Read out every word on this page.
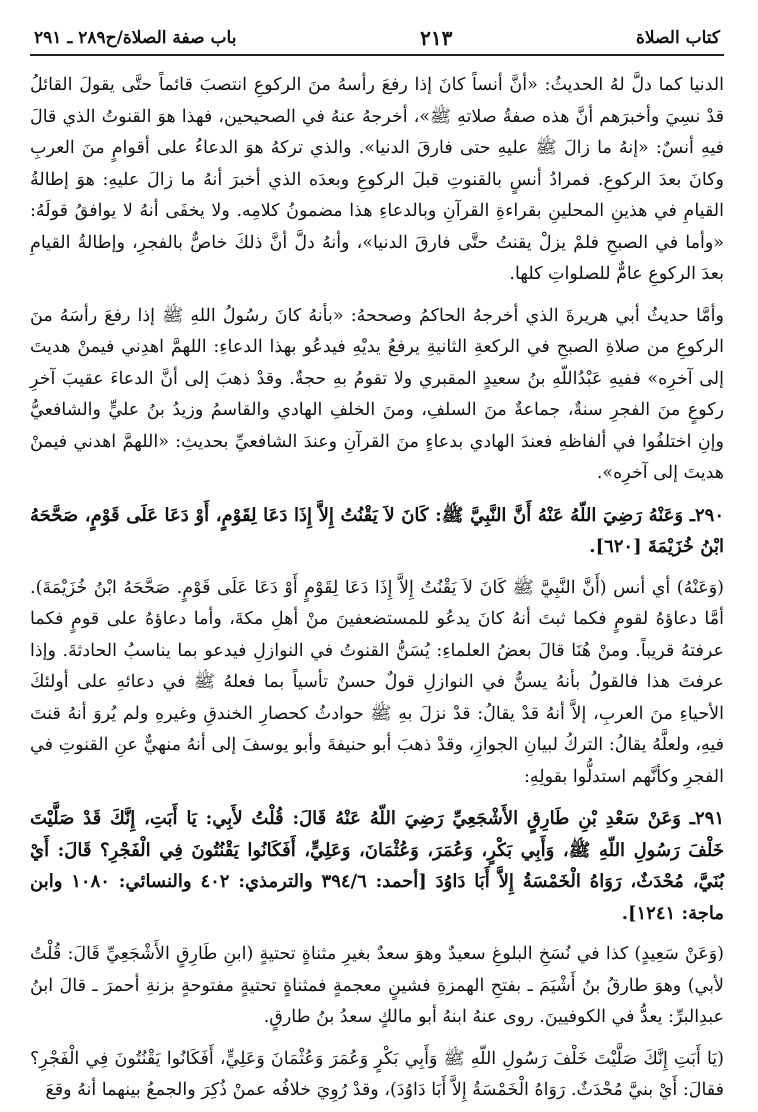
كتاب الصلاة
٢١٣
باب صفة الصلاة/ح٢٨٩ ـ ٢٩١

الدنيا كما دلَّ لهُ الحديثُ: «أنَّ أنساً كانَ إذا رفعَ رأسهُ منَ الركوعِ انتصبَ قائماً حتَّى يقولَ القائلُ قدْ نسِيَ وأخبرَهم أنَّ هذه صفةُ صلاتهِ ﷺ»، أخرجهُ عنهُ في الصحيحين، فهذا هوَ القنوتُ الذي قالَ فيهِ أنسٌ: «إنهُ ما زالَ ﷺ عليهِ حتى فارقَ الدنيا». والذي تركهُ هوَ الدعاءُ على أقوامٍ منَ العربِ وكانَ بعدَ الركوعِ. فمرادُ أنسٍ بالقنوتِ قبلَ الركوعِ وبعدَه الذي أخبرَ أنهُ ما زالَ عليهِ: هوَ إطالةُ القيامِ في هذينِ المحلينِ بقراءةِ القرآنِ وبالدعاءِ هذا مضمونُ كلامِه. ولا يخفَى أنهُ لا يوافقُ قولَهُ: «وأما في الصبحِ فلمْ يزلْ يقنتُ حتَّى فارقَ الدنيا»، وأنهُ دلَّ أنَّ ذلكَ خاصٌّ بالفجرِ، وإطالةُ القيامِ بعدَ الركوعِ عامٌّ للصلواتِ كلها.

وأمَّا حديثُ أبي هريرةَ الذي أخرجهُ الحاكمُ وصححهُ: «بأنهُ كانَ رسُولُ اللهِ ﷺ إذا رفعَ رأسَهُ منَ الركوعِ من صلاةِ الصبحِ في الركعةِ الثانيةِ يرفعُ يديْهِ فيدعُو بهذا الدعاءِ: اللهمَّ اهدِني فيمنْ هديتَ إلى آخرِه» ففيهِ عَبْدُاللّهِ بنُ سعيدٍ المقبري ولا تقومُ بهِ حجةٌ. وقدْ ذهبَ إلى أنَّ الدعاءَ عقيبَ آخرِ ركوعٍ منَ الفجرِ سنةٌ، جماعةٌ منَ السلفِ، ومنَ الخلفِ الهادي والقاسمُ وزيدُ بنُ عليٍّ والشافعيُّ وإنِ اختلفُوا في ألفاظهِ فعندَ الهادي بدعاءٍ منَ القرآنِ وعندَ الشافعيِّ بحديثِ: «اللهمَّ اهدني فيمنْ هديتَ إلى آخرِه».

٢٩٠ـ وَعَنْهُ رَضِيَ اللّهُ عَنْهُ أَنَّ النَّبِيَّ ﷺ: كَانَ لاَ يَقْنُتُ إِلاَّ إِذَا دَعَا لِقَوْمٍ، أَوْ دَعَا عَلَى قَوْمٍ، صَحَّحَهُ ابْنُ خُزَيْمَةَ [٦٢٠].

(وَعَنْهُ) أي أنس (أَنَّ النَّبِيَّ ﷺ كَانَ لاَ يَقْنُتُ إِلاَّ إِذَا دَعَا لِقَوْمٍ أَوْ دَعَا عَلَى قَوْمٍ. صَحَّحَهُ ابْنُ خُزَيْمَةَ). أمَّا دعاؤهُ لقومٍ فكما ثبتَ أنهُ كانَ يدعُو للمستضعفينَ منْ أهلِ مكةَ، وأما دعاؤهُ على قومٍ فكما عرفتهُ قريباً. ومنْ هُنَا قالَ بعضُ العلماءِ: يُسَنُّ القنوتُ في النوازلِ فيدعو بما يناسبُ الحادثةَ. وإذا عرفتَ هذا فالقولُ بأنهُ يسنُّ في النوازلِ قولٌ حسنٌ تأسياً بما فعلهُ ﷺ في دعائهِ على أولئكَ الأحياءِ منَ العربِ، إلاَّ أنهُ قدْ يقالُ: قدْ نزلَ بهِ ﷺ حوادثُ كحصارِ الخندقِ وغيرهِ ولم يُروَ أنهُ قنتَ فيهِ، ولعلَّهُ يقالُ: التركُ لبيانِ الجوازِ، وقدْ ذهبَ أبو حنيفةَ وأبو يوسفَ إلى أنهُ منهيٌّ عنِ القنوتِ في الفجرِ وكأنَّهم استدلُّوا بقولِهِ:

٢٩١ـ وَعَنْ سَعْدِ بْنِ طَارِقٍ الأَشْجَعِيِّ رَضِيَ اللّهُ عَنْهُ قَالَ: قُلْتُ لأَبِي: يَا أَبَتِ، إِنَّكَ قَدْ صَلَّيْتَ خَلْفَ رَسُولِ اللّهِ ﷺ، وَأَبِي بَكْرٍ، وَعُمَرَ، وَعُثْمَانَ، وَعَلِيٍّ، أَفَكَانُوا يَقْنُتُونَ فِي الْفَجْرِ؟ قَالَ: أَيْ بُنَيَّ، مُحْدَثٌ، رَوَاهُ الْخَمْسَةُ إِلاَّ أَبَا دَاوُدَ [أحمد: ٣٩٤/٦ والترمذي: ٤٠٢ والنسائي: ١٠٨٠ وابن ماجة: ١٢٤١].

(وَعَنْ سَعِيدٍ) كذا في نُسَخِ البلوغِ سعيدٌ وهوَ سعدٌ بغيرِ مثناةٍ تحتيةٍ (ابنِ طَارِقٍ الأَشْجَعِيِّ قَالَ: قُلْتُ لأبي) وهوَ طارقُ بنُ أَشْيَمَ ـ بفتحِ الهمزةِ فشينٍ معجمةٍ فمثناةٍ تحتيةٍ مفتوحةٍ بزنةِ أحمرَ ـ قالَ ابنُ عبدِالبرِّ: يعدُّ في الكوفيينَ. روى عنهُ ابنهُ أبو مالكٍ سعدُ بنُ طارقٍ.

(يَا أَبَتِ إِنَّكَ صَلَّيْتَ خَلْفَ رَسُولِ اللّهِ ﷺ وَأَبِي بَكْرٍ وَعُمَرَ وَعُثْمَانَ وَعَلِيٍّ، أَفَكَانُوا يَقْنُتُونَ فِي الْفَجْرِ؟ فقالَ: أَيْ بنيَّ مُحْدَثٌ. رَوَاهُ الْخَمْسَةُ إِلاَّ أَبَا دَاوُدَ)، وقدْ رُوِيَ خلافُه عمنْ ذُكِرَ والجمعُ بينهما أنهُ وقعَ
